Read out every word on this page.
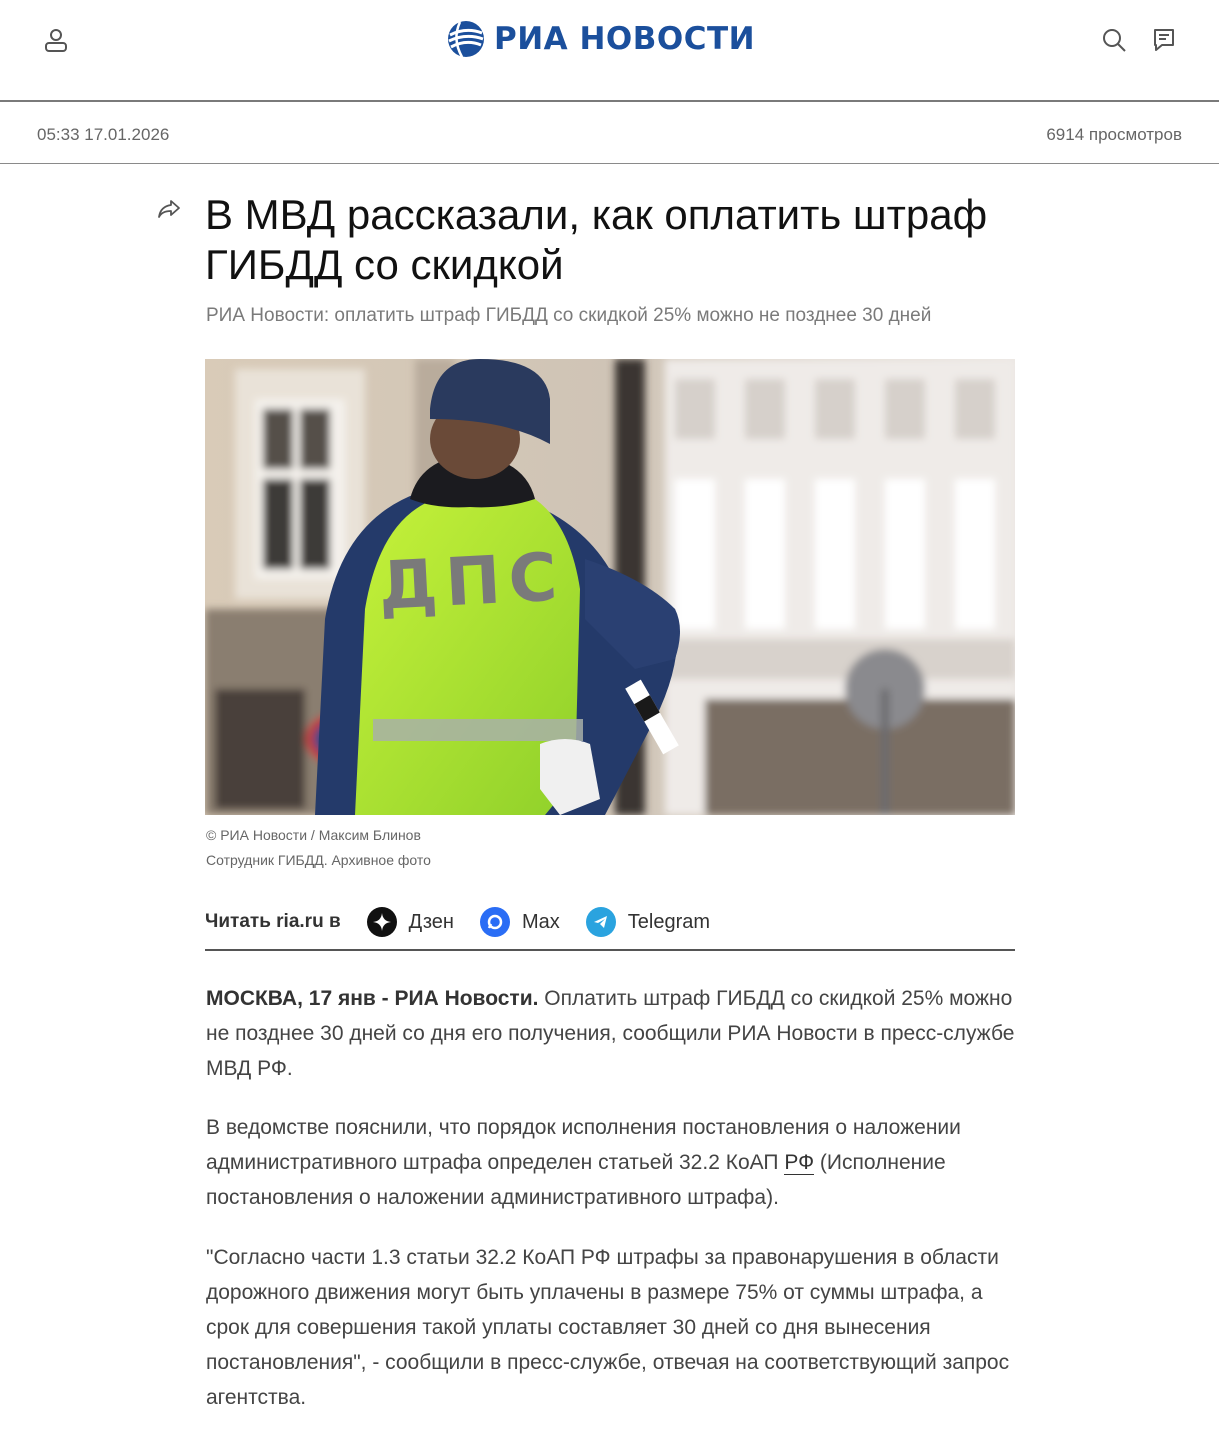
РИА НОВОСТИ
05:33 17.01.2026	6914 просмотров
В МВД рассказали, как оплатить штраф ГИБДД со скидкой
РИА Новости: оплатить штраф ГИБДД со скидкой 25% можно не позднее 30 дней
ДПС
© РИА Новости / Максим Блинов
Сотрудник ГИБДД. Архивное фото
Читать ria.ru в	Дзен	Max	Telegram

МОСКВА, 17 янв - РИА Новости. Оплатить штраф ГИБДД со скидкой 25% можно не позднее 30 дней со дня его получения, сообщили РИА Новости в пресс-службе МВД РФ.

В ведомстве пояснили, что порядок исполнения постановления о наложении административного штрафа определен статьей 32.2 КоАП РФ (Исполнение постановления о наложении административного штрафа).

"Согласно части 1.3 статьи 32.2 КоАП РФ штрафы за правонарушения в области дорожного движения могут быть уплачены в размере 75% от суммы штрафа, а срок для совершения такой уплаты составляет 30 дней со дня вынесения постановления", - сообщили в пресс-службе, отвечая на соответствующий запрос агентства.
